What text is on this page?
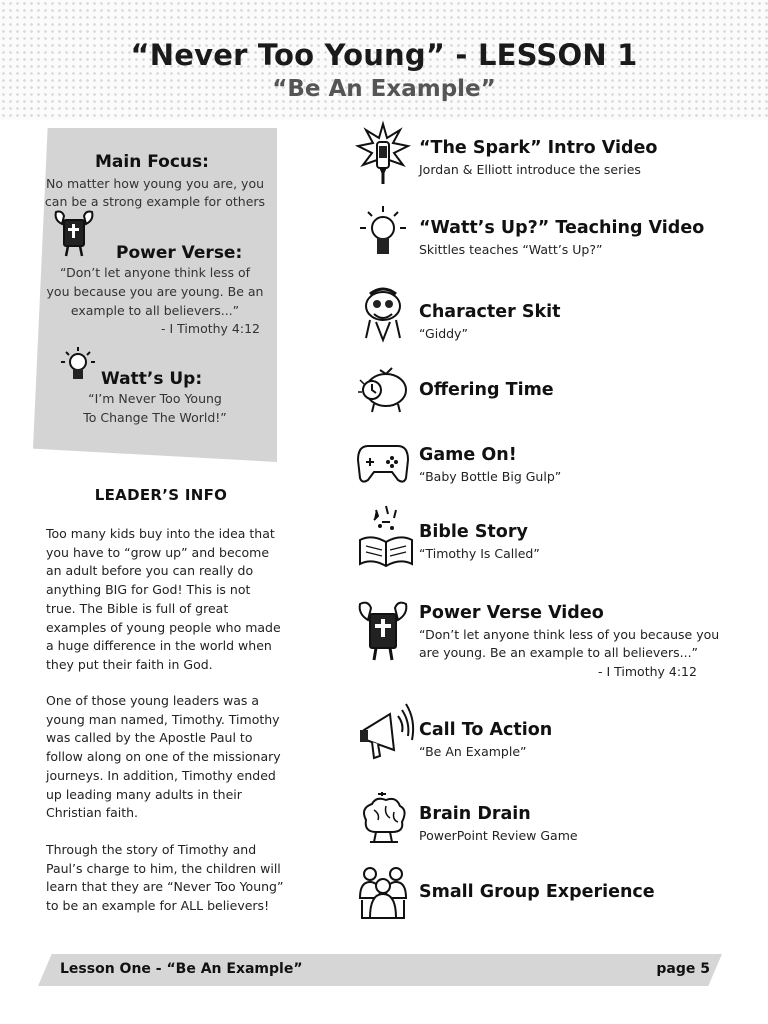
“Never Too Young” - LESSON 1
“Be An Example”
Main Focus:
No matter how young you are, you
can be a strong example for others
Power Verse:
“Don’t let anyone think less of
you because you are young. Be an
example to all believers...”
- I Timothy 4:12
Watt’s Up:
“I’m Never Too Young
To Change The World!”
LEADER’S INFO
Too many kids buy into the idea that
you have to “grow up” and become
an adult before you can really do
anything BIG for God! This is not
true. The Bible is full of great
examples of young people who made
a huge difference in the world when
they put their faith in God.
One of those young leaders was a
young man named, Timothy. Timothy
was called by the Apostle Paul to
follow along on one of the missionary
journeys. In addition, Timothy ended
up leading many adults in their
Christian faith.
Through the story of Timothy and
Paul’s charge to him, the children will
learn that they are “Never Too Young”
to be an example for ALL believers!
“The Spark” Intro Video
Jordan & Elliott introduce the series
“Watt’s Up?” Teaching Video
Skittles teaches “Watt’s Up?”
Character Skit
“Giddy”
Offering Time
Game On!
“Baby Bottle Big Gulp”
Bible Story
“Timothy Is Called”
Power Verse Video
“Don’t let anyone think less of you because you
are young. Be an example to all believers...”
- I Timothy 4:12
Call To Action
“Be An Example”
Brain Drain
PowerPoint Review Game
Small Group Experience
Lesson One - “Be An Example”	page 5
